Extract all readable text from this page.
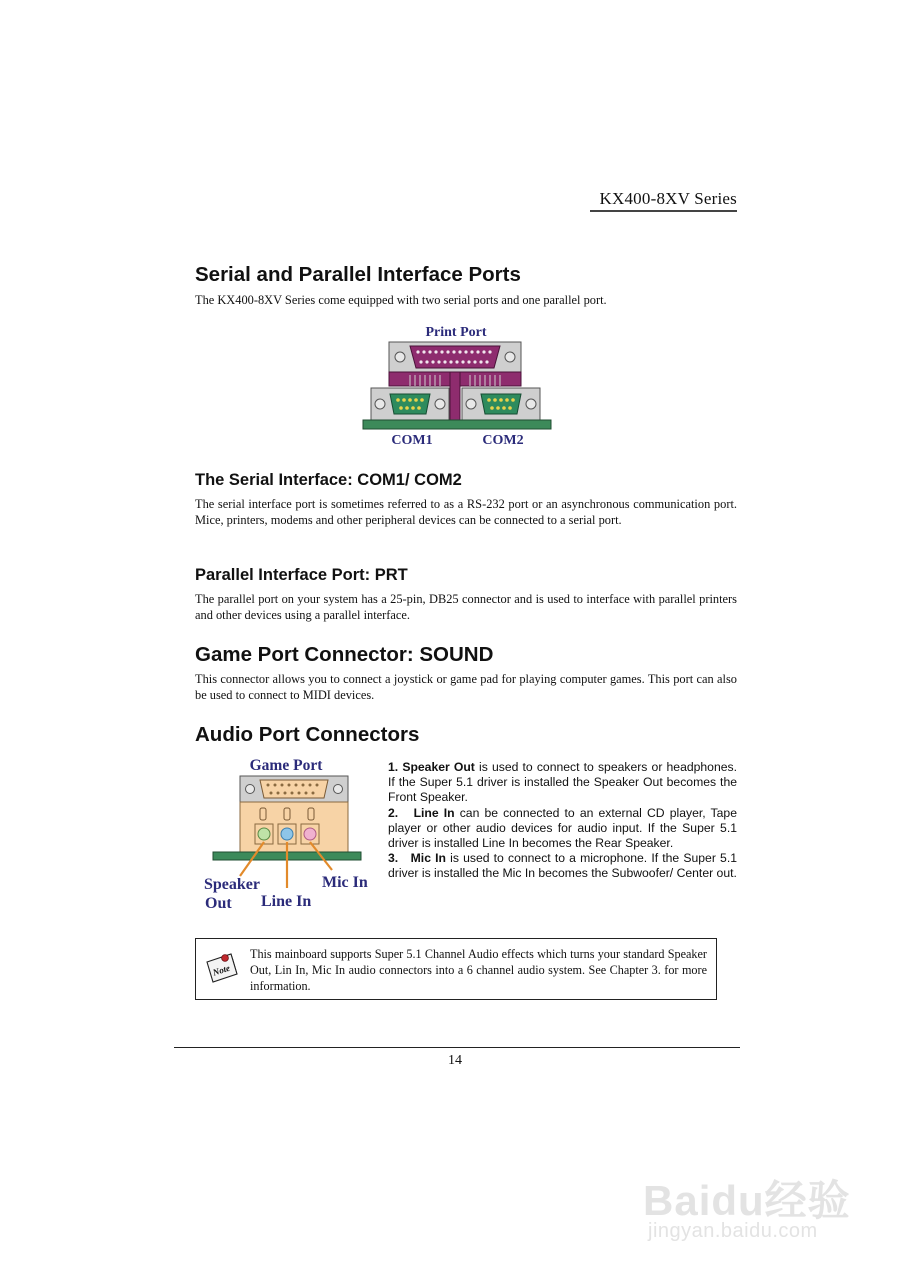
KX400-8XV Series
Serial and Parallel Interface Ports
The KX400-8XV Series come equipped with two serial ports and one parallel port.
Print Port
COM1	COM2
The Serial Interface: COM1/ COM2
The serial interface port is sometimes referred to as a RS-232 port or an asynchronous communication port. Mice, printers, modems and other peripheral devices can be connected to a serial port.
Parallel Interface Port: PRT
The parallel port on your system has a 25-pin, DB25 connector and is used to interface with parallel printers and other devices using a parallel interface.
Game Port Connector: SOUND
This connector allows you to connect a joystick or game pad for playing computer games. This port can also be used to connect to MIDI devices.
Audio Port Connectors
Game Port
Speaker
Out Line In
Mic In
1. Speaker Out is used to connect to speakers or headphones. If the Super 5.1 driver is installed the Speaker Out becomes the Front Speaker.
2. Line In can be connected to an external CD player, Tape player or other audio devices for audio input. If the Super 5.1 driver is installed Line In becomes the Rear Speaker.
3. Mic In is used to connect to a microphone. If the Super 5.1 driver is installed the Mic In becomes the Subwoofer/ Center out.
Note
This mainboard supports Super 5.1 Channel Audio effects which turns your standard Speaker Out, Lin In, Mic In audio connectors into a 6 channel audio system. See Chapter 3. for more information.
14
Baidu经验
jingyan.baidu.com
